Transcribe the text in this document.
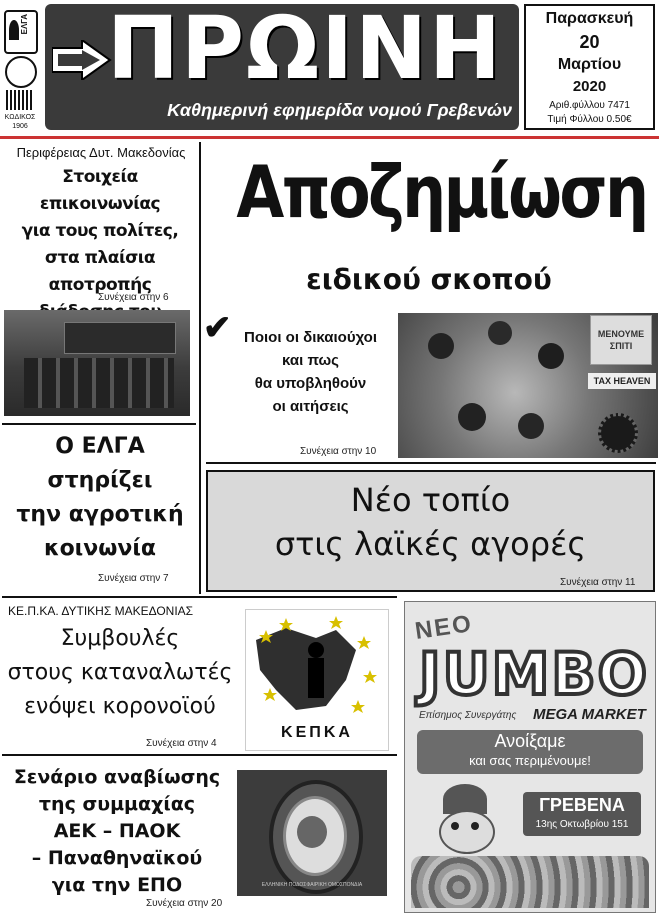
ΕΛΓΑ
ΚΩΔΙΚΟΣ
1906
ΠΡΩΙΝΗ
Καθημερινή εφημερίδα νομού Γρεβενών
Παρασκευή
20
Μαρτίου
2020
Αριθ.φύλλου 7471
Τιμή Φύλλου 0.50€
Περιφέρειας Δυτ. Μακεδονίας
Στοιχεία επικοινωνίας
για τους πολίτες,
στα πλαίσια αποτροπής
Συνέχεια στην 6
Ο ΕΛΓΑ
στηρίζει
την αγροτική
κοινωνία
Συνέχεια στην 7
Αποζημίωση
ειδικού σκοπού
✔ Ποιοι οι δικαιούχοι
και πως
θα υποβληθούν
οι αιτήσεις
Συνέχεια στην 10
ΜΕΝΟΥΜΕ ΣΠΙΤΙ
TAX HEAVEN
Νέο τοπίο
στις λαϊκές αγορές
Συνέχεια στην 11
ΚΕ.Π.ΚΑ. ΔΥΤΙΚΗΣ ΜΑΚΕΔΟΝΙΑΣ
Συμβουλές
στους καταναλωτές
ενόψει κορονοϊού
Συνέχεια στην 4
ΚΕΠΚΑ
Σενάριο αναβίωσης
της συμμαχίας
ΑΕΚ – ΠΑΟΚ
– Παναθηναϊκού
για την ΕΠΟ
Συνέχεια στην 20
ΕΛΛΗΝΙΚΗ ΠΟΔΟΣΦΑΙΡΙΚΗ ΟΜΟΣΠΟΝΔΙΑ
ΝΕΟ
JUMBO
Επίσημος Συνεργάτης MEGA MARKET
Ανοίξαμε
και σας περιμένουμε!
ΓΡΕΒΕΝΑ
13ης Οκτωβρίου 151
